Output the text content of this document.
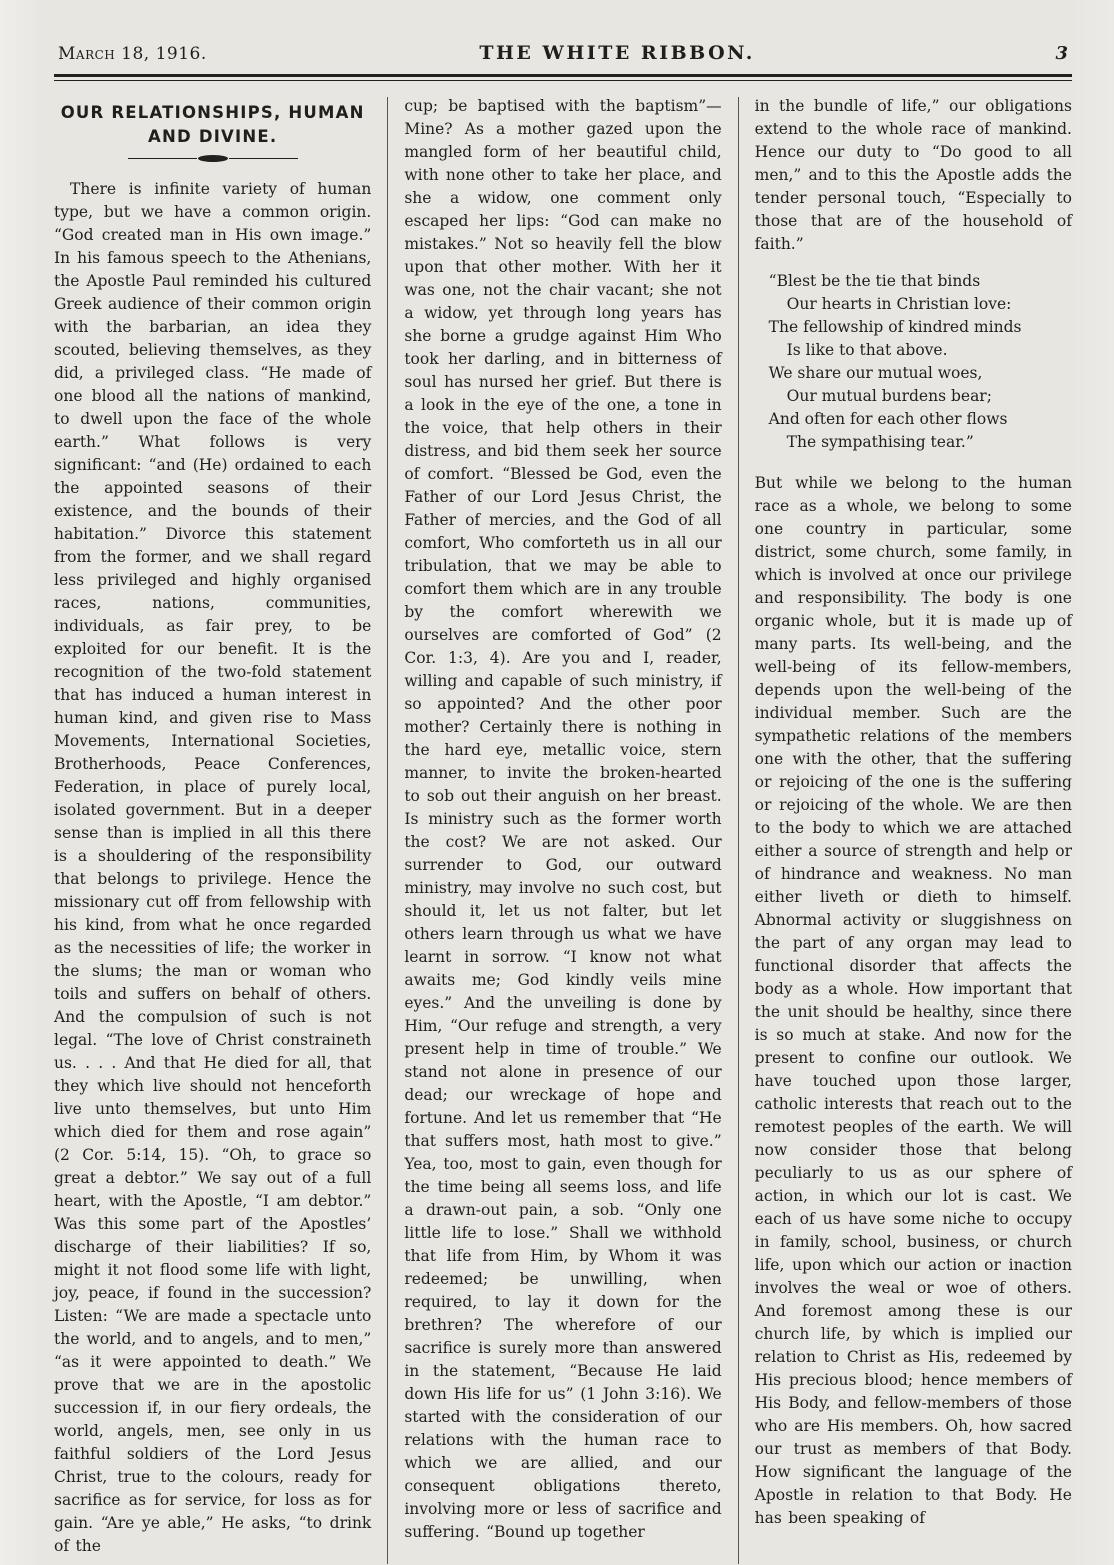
March 18, 1916.	THE WHITE RIBBON.	3
OUR RELATIONSHIPS, HUMAN
AND DIVINE.

There is infinite variety of human type, but we have a common origin. “God created man in His own image.” In his famous speech to the Athenians, the Apostle Paul reminded his cultured Greek audience of their common origin with the barbarian, an idea they scouted, believing themselves, as they did, a privileged class. “He made of one blood all the nations of mankind, to dwell upon the face of the whole earth.” What follows is very significant: “and (He) ordained to each the appointed seasons of their existence, and the bounds of their habitation.” Divorce this statement from the former, and we shall regard less privileged and highly organised races, nations, communities, individuals, as fair prey, to be exploited for our benefit. It is the recognition of the two-fold statement that has induced a human interest in human kind, and given rise to Mass Movements, International Societies, Brotherhoods, Peace Conferences, Federation, in place of purely local, isolated government. But in a deeper sense than is implied in all this there is a shouldering of the responsibility that belongs to privilege. Hence the missionary cut off from fellowship with his kind, from what he once regarded as the necessities of life; the worker in the slums; the man or woman who toils and suffers on behalf of others. And the compulsion of such is not legal. “The love of Christ constraineth us. . . . And that He died for all, that they which live should not henceforth live unto themselves, but unto Him which died for them and rose again” (2 Cor. 5:14, 15). “Oh, to grace so great a debtor.” We say out of a full heart, with the Apostle, “I am debtor.” Was this some part of the Apostles’ discharge of their liabilities? If so, might it not flood some life with light, joy, peace, if found in the succession? Listen: “We are made a spectacle unto the world, and to angels, and to men,” “as it were appointed to death.” We prove that we are in the apostolic succession if, in our fiery ordeals, the world, angels, men, see only in us faithful soldiers of the Lord Jesus Christ, true to the colours, ready for sacrifice as for service, for loss as for gain. “Are ye able,” He asks, “to drink of the

cup; be baptised with the baptism”— Mine? As a mother gazed upon the mangled form of her beautiful child, with none other to take her place, and she a widow, one comment only escaped her lips: “God can make no mistakes.” Not so heavily fell the blow upon that other mother. With her it was one, not the chair vacant; she not a widow, yet through long years has she borne a grudge against Him Who took her darling, and in bitterness of soul has nursed her grief. But there is a look in the eye of the one, a tone in the voice, that help others in their distress, and bid them seek her source of comfort. “Blessed be God, even the Father of our Lord Jesus Christ, the Father of mercies, and the God of all comfort, Who comforteth us in all our tribulation, that we may be able to comfort them which are in any trouble by the comfort wherewith we ourselves are comforted of God” (2 Cor. 1:3, 4). Are you and I, reader, willing and capable of such ministry, if so appointed? And the other poor mother? Certainly there is nothing in the hard eye, metallic voice, stern manner, to invite the broken-hearted to sob out their anguish on her breast. Is ministry such as the former worth the cost? We are not asked. Our surrender to God, our outward ministry, may involve no such cost, but should it, let us not falter, but let others learn through us what we have learnt in sorrow. “I know not what awaits me; God kindly veils mine eyes.” And the unveiling is done by Him, “Our refuge and strength, a very present help in time of trouble.” We stand not alone in presence of our dead; our wreckage of hope and fortune. And let us remember that “He that suffers most, hath most to give.” Yea, too, most to gain, even though for the time being all seems loss, and life a drawn-out pain, a sob. “Only one little life to lose.” Shall we withhold that life from Him, by Whom it was redeemed; be unwilling, when required, to lay it down for the brethren? The wherefore of our sacrifice is surely more than answered in the statement, “Because He laid down His life for us” (1 John 3:16). We started with the consideration of our relations with the human race to which we are allied, and our consequent obligations thereto, involving more or less of sacrifice and suffering. “Bound up together

in the bundle of life,” our obligations extend to the whole race of mankind. Hence our duty to “Do good to all men,” and to this the Apostle adds the tender personal touch, “Especially to those that are of the household of faith.”

“Blest be the tie that binds
Our hearts in Christian love:
The fellowship of kindred minds
Is like to that above.
We share our mutual woes,
Our mutual burdens bear;
And often for each other flows
The sympathising tear.”

But while we belong to the human race as a whole, we belong to some one country in particular, some district, some church, some family, in which is involved at once our privilege and responsibility. The body is one organic whole, but it is made up of many parts. Its well-being, and the well-being of its fellow-members, depends upon the well-being of the individual member. Such are the sympathetic relations of the members one with the other, that the suffering or rejoicing of the one is the suffering or rejoicing of the whole. We are then to the body to which we are attached either a source of strength and help or of hindrance and weakness. No man either liveth or dieth to himself. Abnormal activity or sluggishness on the part of any organ may lead to functional disorder that affects the body as a whole. How important that the unit should be healthy, since there is so much at stake. And now for the present to confine our outlook. We have touched upon those larger, catholic interests that reach out to the remotest peoples of the earth. We will now consider those that belong peculiarly to us as our sphere of action, in which our lot is cast. We each of us have some niche to occupy in family, school, business, or church life, upon which our action or inaction involves the weal or woe of others. And foremost among these is our church life, by which is implied our relation to Christ as His, redeemed by His precious blood; hence members of His Body, and fellow-members of those who are His members. Oh, how sacred our trust as members of that Body. How significant the language of the Apostle in relation to that Body. He has been speaking of
